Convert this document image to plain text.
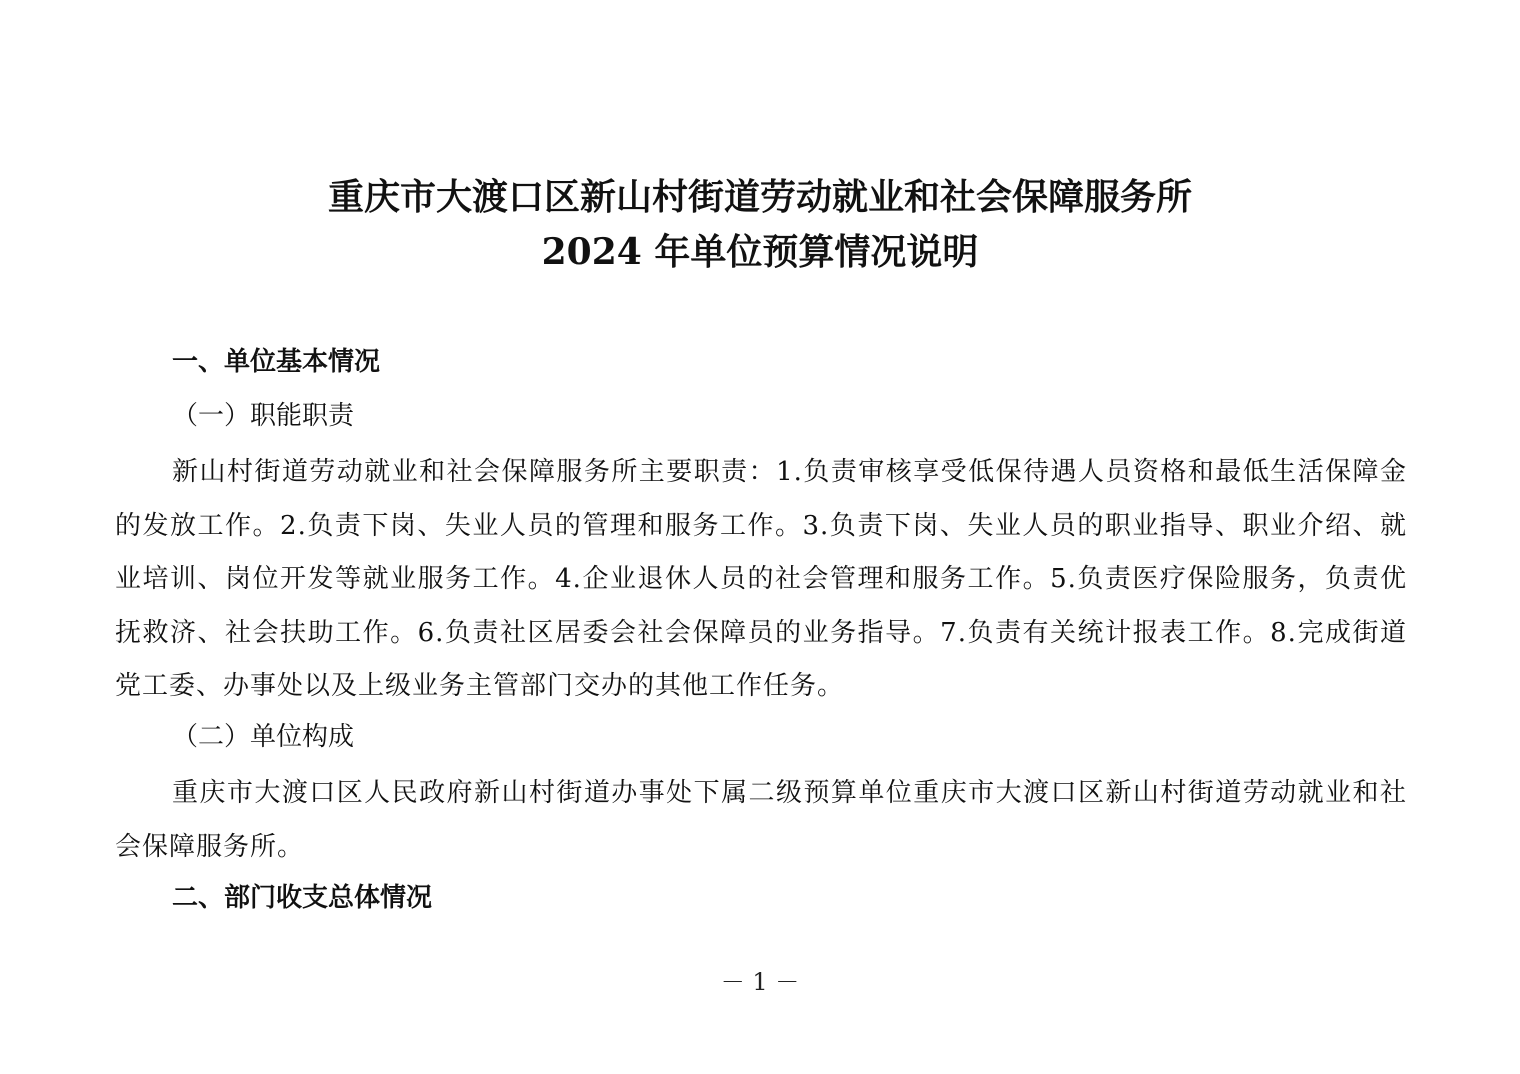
重庆市大渡口区新山村街道劳动就业和社会保障服务所
2024 年单位预算情况说明
一、单位基本情况
（一）职能职责

新山村街道劳动就业和社会保障服务所主要职责：1.负责审核享受低保待遇人员资格和最低生活保障金的发放工作。2.负责下岗、失业人员的管理和服务工作。3.负责下岗、失业人员的职业指导、职业介绍、就业培训、岗位开发等就业服务工作。4.企业退休人员的社会管理和服务工作。5.负责医疗保险服务，负责优抚救济、社会扶助工作。6.负责社区居委会社会保障员的业务指导。7.负责有关统计报表工作。8.完成街道党工委、办事处以及上级业务主管部门交办的其他工作任务。

（二）单位构成

重庆市大渡口区人民政府新山村街道办事处下属二级预算单位重庆市大渡口区新山村街道劳动就业和社会保障服务所。

二、部门收支总体情况
－ 1 －
